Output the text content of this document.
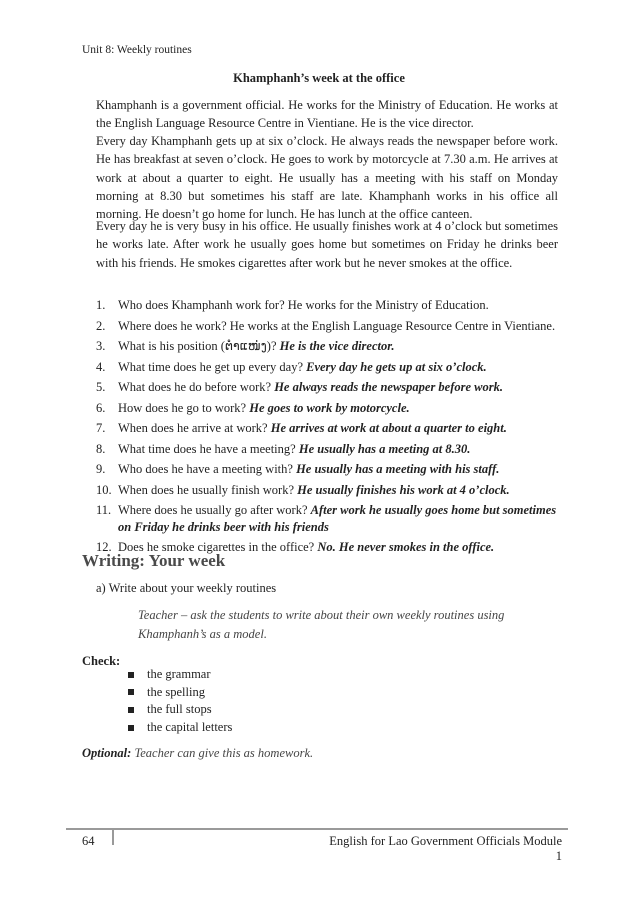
Unit 8: Weekly routines
Khamphanh’s week at the office
Khamphanh is a government official. He works for the Ministry of Education. He works at the English Language Resource Centre in Vientiane. He is the vice director.
Every day Khamphanh gets up at six o’clock. He always reads the newspaper before work. He has breakfast at seven o’clock. He goes to work by motorcycle at 7.30 a.m. He arrives at work at about a quarter to eight. He usually has a meeting with his staff on Monday morning at 8.30 but sometimes his staff are late. Khamphanh works in his office all morning. He doesn’t go home for lunch. He has lunch at the office canteen.
Every day he is very busy in his office. He usually finishes work at 4 o’clock but sometimes he works late. After work he usually goes home but sometimes on Friday he drinks beer with his friends. He smokes cigarettes after work but he never smokes at the office.
1.	Who does Khamphanh work for? He works for the Ministry of Education.
2.	Where does he work? He works at the English Language Resource Centre in Vientiane.
3.	What is his position (ຕຳແໜ່ງ)? He is the vice director.
4.	What time does he get up every day? Every day he gets up at six o’clock.
5.	What does he do before work? He always reads the newspaper before work.
6.	How does he go to work? He goes to work by motorcycle.
7.	When does he arrive at work? He arrives at work at about a quarter to eight.
8.	What time does he have a meeting? He usually has a meeting at 8.30.
9.	Who does he have a meeting with? He usually has a meeting with his staff.
10. When does he usually finish work? He usually finishes his work at 4 o’clock.
11. Where does he usually go after work? After work he usually goes home but sometimes on Friday he drinks beer with his friends
12. Does he smoke cigarettes in the office? No. He never smokes in the office.
Writing: Your week
a) Write about your weekly routines
Teacher – ask the students to write about their own weekly routines using Khamphanh’s as a model.
Check:
the grammar
the spelling
the full stops
the capital letters
Optional: Teacher can give this as homework.
64	English for Lao Government Officials Module 1
